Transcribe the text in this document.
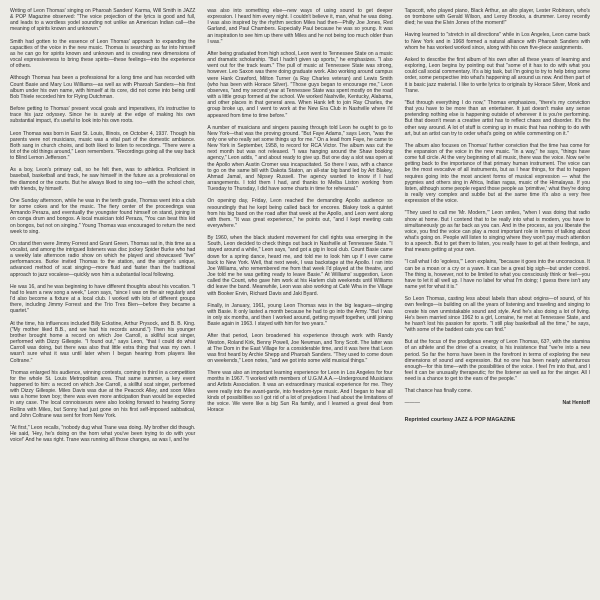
Writing of Leon Thomas' singing on Pharoah Sanders' Karma, Will Smith in JAZZ & POP Magazine observed: "The voice projection of the lyrics is good and full, and leads to a wordless yodel sounding not unlike an American Indian call—the meaning of spirits known and unknown."

Smith had gotten to the essence of Leon Thomas' approach to expanding the capacities of the voice in the new music. Thomas is searching as far into himself as he can go for spirits known and unknown and is creating new dimensions of vocal expressiveness to bring these spirits—these feelings—into the experience of others.

Although Thomas has been a professional for a long time and has recorded with Count Basie and Mary Lou Williams—as well as with Pharoah Sanders—his first album under his own name, with himself at its core, did not come into being until Bob Thiele recorded him for Flying Dutchman.

Before getting to Thomas' present vocal goals and imperatives, it's instructive to trace his jazz odyssey. Since he is surely at the edge of making his own substantial impact, it's useful to look into his own roots.

Leon Thomas was born in East St. Louis, Illinois, on October 4, 1937. Though his parents were not musicians, music was a vital part of the domestic ambiance. Both sang in church choirs, and both liked to listen to recordings. "There were a lot of the old things around," Leon remembers. "Recordings going all the way back to Blind Lemon Jefferson."

As a boy, Leon's primary call, so he felt then, was to athletics. Proficient in baseball, basketball and track, he saw himself in the future as a professional on the diamond or the courts. But he always liked to sing too—with the school choir, with friends, by himself.

One Sunday afternoon, while he was in the tenth grade, Thomas went into a club for some cokes and for the music. The fiery center of the proceedings was Armando Peraza, and eventually the youngster found himself on stand, joining in on conga drum and bongos. A local musician told Peraza, "You can beat this kid on bongos, but not on singing." Young Thomas was encouraged to return the next week to sing.

On stand then were Jimmy Forrest and Grant Green. Thomas sat in, this time as a vocalist, and among the intrigued listeners was disc jockey Spider Burke who had a weekly late afternoon radio show on which he played and showcased "live" performances. Burke invited Thomas to the station, and the singer's unique, advanced method of scat singing—more fluid and faster than the traditional approach to jazz vocalese—quickly won him a substantial local following.

He was 16, and he was beginning to have different thoughts about his vocation. "I had to learn a new song a week," Leon says, "since I was on the air regularly and I'd also become a fixture at a local club. I worked with lots of different groups there, including Jimmy Forrest and the Trio Tres Bien—before they became a quartet."

At the time, his influences included Billy Eckstine, Arthur Prysock, and B. B. King. ("My mother liked B.B., and we had his records around.") Then his younger brother brought home a record on which Joe Carroll, a skillful scat singer, performed with Dizzy Gillespie. "I found out," says Leon, "that I could do what Carroll was doing, but there was also that little extra thing that was my own. I wasn't sure what it was until later when I began hearing from players like Coltrane."

Thomas enlarged his audience, winning contests, coming in third in a competition for the whole St. Louis Metropolitan area. That same summer, a key event happened to him: a record on which Joe Carroll, a skillful scat singer, performed with Dizzy Gillespie. Miles Davis was due at the Peacock Alley, and soon Miles was a home town boy; there was even more anticipation than would be expected in any case. The local connoisseurs were also looking forward to hearing Sonny Rollins with Miles, but Sonny had just gone on his first self-imposed sabbatical, and John Coltrane was sent for from New York.

"At first," Leon recalls, "nobody dug what Trane was doing. My brother did though. He said, 'Hey, he's doing on the horn what you've been trying to do with your voice!' And he was right. Trane was running all those changes, as was I, and he

was also into something else—new ways of using sound to get deeper expression. I heard him every night. I couldn't believe it, man, what he was doing. I was also inspired by the rhythm section Miles had then—Philly Joe Jones, Red Garland, and Paul Chambers. Especially Paul because he was so young. It was an inspiration to see him up there with Miles and he not being too much older than I was."

After being graduated from high school, Leon went to Tennessee State on a music and dramatic scholarship. "But I hadn't given up sports," he emphasizes. "I also went out for the track team." The pull of music at Tennessee State was strong, however. Leo Saxon was there doing graduate work. Also working around campus were Hank Crawford, Milton Turner (a Ray Charles veteran) and Lewis Smith (who has been with Horace Silver). "Those guys began to encourage me," Leon observes, "and my second year at Tennessee State was spent mostly on the road with a little group formed at the school. We worked Nashville, Kentucky, Alabama, and other places in that general area. When Hank left to join Ray Charles, the group broke up, and I went to work at the New Era Club in Nashville where I'd appeared from time to time before."

A number of musicians and singers passing through told Leon he ought to go to New York—that was the proving ground. "But Faye Adams," says Leon, "was the only one who really set some things up for me." On a lead from Faye, he came to New York in September, 1958, to record for RCA Victor. The album was cut the next month but was not released. "I was hanging around the Shaw booking agency," Leon adds, " and about ready to give up. But one day a slot was open at the Apollo when Austin Cromer was incapacitated. So there I was, with a chance to go on the same bill with Dakota Staton, an all-star big band led by Art Blakey, Ahmad Jamal, and Nipsey Russell. The agency wanted to know if I had arrangements. I told them I had, and thanks to Melba Liston working from Tuesday to Thursday, I did have some charts in time for rehearsal."

On opening day, Friday, Leon reached the demanding Apollo audience so resoundingly that he kept being called back for encores. Blakey took a quintet from his big band on the road after that week at the Apollo, and Leon went along with them. "It was great experience," he points out, "and I kept meeting cats everywhere."

By 1960, when the black student movement for civil rights was emerging in the South, Leon decided to check things out back in Nashville at Tennessee State. "I stayed around a while," Leon says, "and got a gig in local club. Count Basie came down for a spring dance, heard me, and told me to look him up if I ever came back to New York. Well, that next week, I was backstage at the Apollo. I ran into Joe Williams, who remembered me from that week I'd played at the theatre, and Joe told me he was getting ready to leave Basie." At Williams' suggestion, Leon called the Count, who gave him work at his Harlem club weekends until Williams did leave the band. Meanwhile, Leon was also working at Café Wha in the Village with Booker Ervin, Richard Davis and Jaki Byard.

Finally, in January, 1961, young Leon Thomas was in the big leagues—singing with Basie. It only lasted a month because he had to go into the Army. "But I was in only six months, and then I worked around, getting myself together, until joining Basie again in 1963. I stayed with him for two years."

After that period, Leon broadened his experience through work with Randy Weston, Roland Kirk, Benny Powell, Joe Newman, and Tony Scott. The latter was at The Dom in the East Village for a considerable time, and it was here that Leon was first heard by Archie Shepp and Pharoah Sanders. "They used to come down on weekends," Leon notes, "and we got into some wild musical things."

There was also an important learning experience for Leon in Los Angeles for four months in 1967. "I worked with members of U.G.M.A.A.—Underground Musicians and Artists Association. It was an extraordinary musical experience for me. They were really into the avant-garde, into freedom-type music. And I began to hear all kinds of possibilities so I got rid of a lot of prejudices I had about the limitations of the voice. We were like a big Sun Ra family, and I learned a great deal from Horace

Tapscott, who played piano, Black Arthur, an alto player, Lester Robinson, who's on trombone with Gerald Wilson, and Leroy Brooks, a drummer. Leroy recently died; he was the Elvin Jones of the moment!"

Having learned to "stretch in all directions" while in Los Angeles, Leon came back to New York and in 1968 formed a natural alliance with Pharoah Sanders with whom he has worked worked since, along with his own five-piece assignments.

Asked to describe the first album of his own after all these years of learning and exploring, Leon begins by pointing out that "some of it has to do with what you could call social commentary. It's a big task, but I'm going to try to help bring some order, some perspective into what's happening all around us now. And then part of it is basic jazz material. I like to write lyrics to originals by Horace Silver, Monk and Trane.

"But through everything I do now," Thomas emphasizes, "there's my conviction that you have to be more than an entertainer. It just doesn't make any sense pretending nothing else is happening outside of wherever it is you're performing. But that doesn't mean a creative artist has to reflect chaos and disorder. It's the other way around. A lot of stuff is coming up in music that has nothing to do with art, but an artist can try to order what's going on while commenting on it."

The album also focuses on Thomas' further conviction that the time has come for the expansion of the voice in the new music. "In a way," he says, "things have come full circle. At the very beginning of all music, there was the voice. Now we're getting back to the importance of that primary human instrument. The voice can be the most evocative of all instruments, but as I hear things, for that to happen requires going into the most ancient forms of musical expression — what the pygmies and others sing in Africa, Indian ragas, music of the Himalayas. If you listen, although some people regard those people as 'primitive,' what they're doing is really very complex and subtle but at the same time it's also a very free expression of the voice.

"They used to call me 'Mr. Modern,'" Leon smiles, "when I was doing that radio show at home. But I contend that to be really into what is modern, you have to simultaneously go as far back as you can. And in the process, as you liberate the voice, you find the voice can play a most important role in terms of talking about what's going on. People will listen to singing where they won't pay much attention to a speech. But to get them to listen, you really have to get at their feelings, and that means getting at your own.

"I call what I do 'egoless,'" Leon explains, "because it goes into the unconscious. It can be a moan or a cry or a yawn. It can be a great big sigh—but under control. The thing is, however, not to be limited to what you consciously think or feel—you have to let it all well up. I have no label for what I'm doing; I guess there isn't any name yet for what it is."

So Leon Thomas, casting less about labels than about origins—of sound, of his own feelings—is building on all the years of listening and traveling and singing to create his own unmistakable sound and style. And he's also doing a lot of living. He's been married since 1962 to a girl, Lorraine, he met at Tennessee State, and he hasn't lost his passion for sports. "I still play basketball all the time," he says, "with some of the baddest cats you can find."

But at the focus of the prodigious energy of Leon Thomas, 63?, with the stamina of an athlete and the drive of a creator, is his insistence that "we're into a new period. So far the horns have been in the forefront in terms of exploring the new dimensions of sound and expression. But no one has been nearly adventurous enough—for this time—with the possibilities of the voice. I feel I'm into that, and I feel it can be unusually therapeutic; for the listener as well as for the singer. All I need is a chance to get to the ears of the people."

That chance has finally come.

———	Nat Hentoff
Reprinted courtesy JAZZ & POP MAGAZINE
